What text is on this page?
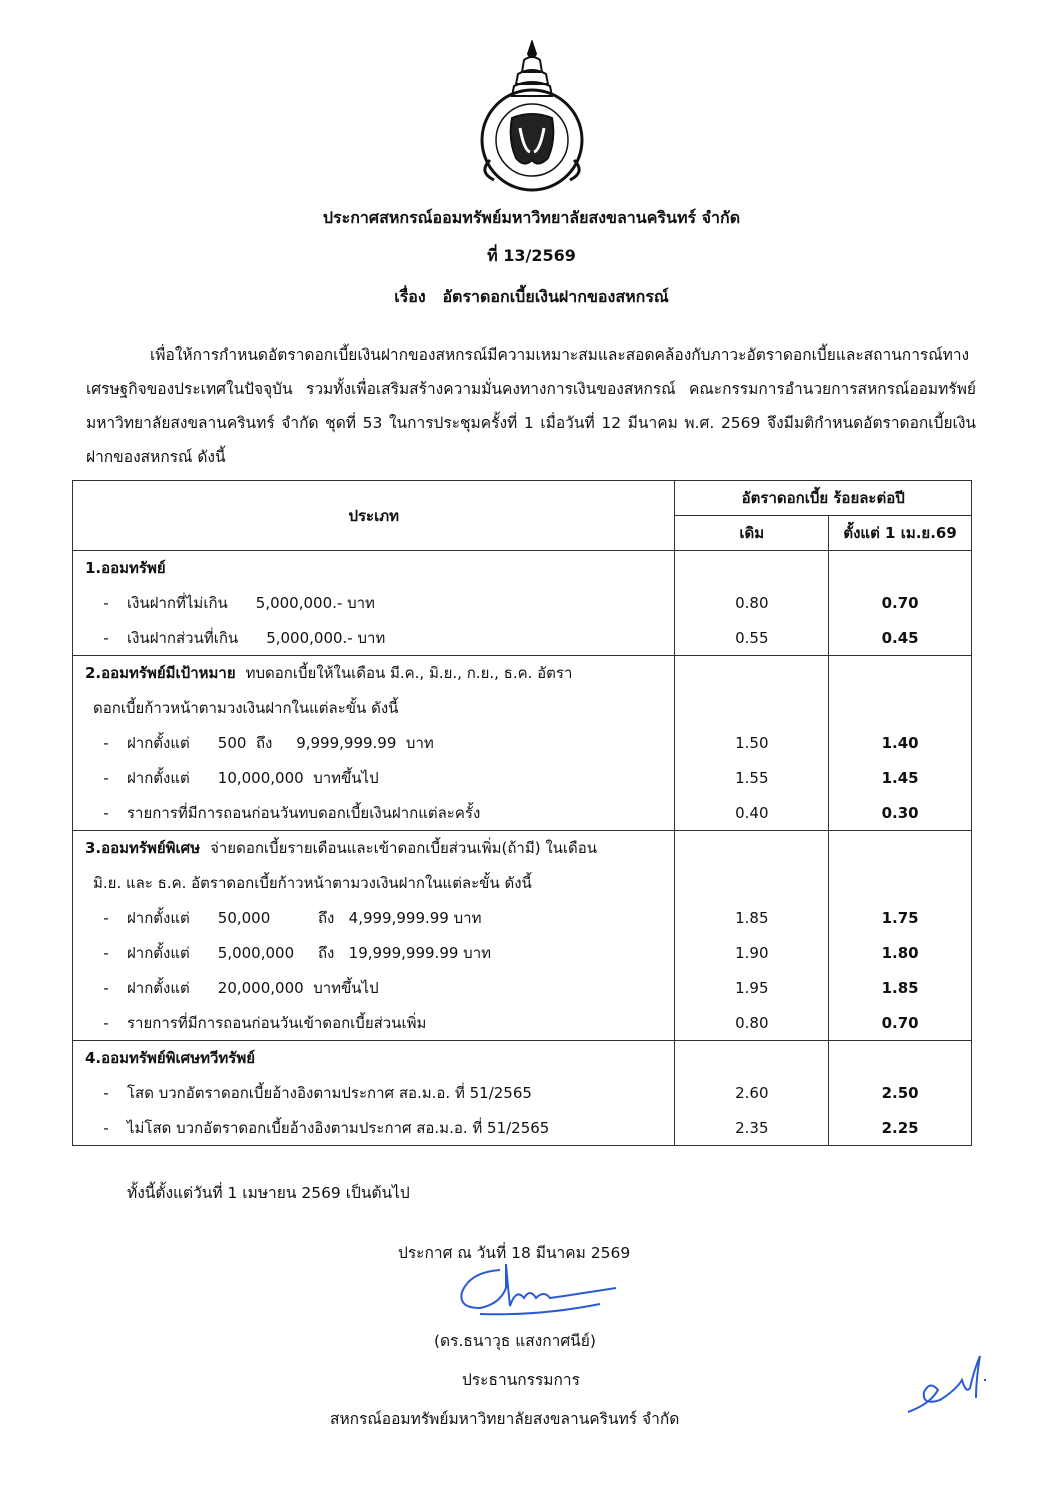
ประกาศสหกรณ์ออมทรัพย์มหาวิทยาลัยสงขลานครินทร์ จำกัด
ที่ 13/2569
เรื่อง อัตราดอกเบี้ยเงินฝากของสหกรณ์

เพื่อให้การกำหนดอัตราดอกเบี้ยเงินฝากของสหกรณ์มีความเหมาะสมและสอดคล้องกับภาวะอัตราดอกเบี้ยและสถานการณ์ทางเศรษฐกิจของประเทศในปัจจุบัน รวมทั้งเพื่อเสริมสร้างความมั่นคงทางการเงินของสหกรณ์ คณะกรรมการอำนวยการสหกรณ์ออมทรัพย์มหาวิทยาลัยสงขลานครินทร์ จำกัด ชุดที่ 53 ในการประชุมครั้งที่ 1 เมื่อวันที่ 12 มีนาคม พ.ศ. 2569 จึงมีมติกำหนดอัตราดอกเบี้ยเงินฝากของสหกรณ์ ดังนี้

ประเภท	อัตราดอกเบี้ย ร้อยละต่อปี	
	เดิม	ตั้งแต่ 1 เม.ย.69
1.ออมทรัพย์		
- เงินฝากที่ไม่เกิน 5,000,000.- บาท	0.80	0.70
- เงินฝากส่วนที่เกิน 5,000,000.- บาท	0.55	0.45
2.ออมทรัพย์มีเป้าหมาย ทบดอกเบี้ยให้ในเดือน มี.ค., มิ.ย., ก.ย., ธ.ค. อัตรา		
ดอกเบี้ยก้าวหน้าตามวงเงินฝากในแต่ละขั้น ดังนี้		
- ฝากตั้งแต่ 500  ถึง     9,999,999.99  บาท	1.50	1.40
- ฝากตั้งแต่ 10,000,000  บาทขึ้นไป	1.55	1.45
- รายการที่มีการถอนก่อนวันทบดอกเบี้ยเงินฝากแต่ละครั้ง	0.40	0.30
3.ออมทรัพย์พิเศษ จ่ายดอกเบี้ยรายเดือนและเข้าดอกเบี้ยส่วนเพิ่ม(ถ้ามี) ในเดือน		
มิ.ย. และ ธ.ค. อัตราดอกเบี้ยก้าวหน้าตามวงเงินฝากในแต่ละขั้น ดังนี้		
- ฝากตั้งแต่ 50,000          ถึง   4,999,999.99 บาท	1.85	1.75
- ฝากตั้งแต่ 5,000,000     ถึง   19,999,999.99 บาท	1.90	1.80
- ฝากตั้งแต่ 20,000,000  บาทขึ้นไป	1.95	1.85
- รายการที่มีการถอนก่อนวันเข้าดอกเบี้ยส่วนเพิ่ม	0.80	0.70
4.ออมทรัพย์พิเศษทวีทรัพย์		
- โสด บวกอัตราดอกเบี้ยอ้างอิงตามประกาศ สอ.ม.อ. ที่ 51/2565	2.60	2.50
- ไม่โสด บวกอัตราดอกเบี้ยอ้างอิงตามประกาศ สอ.ม.อ. ที่ 51/2565	2.35	2.25
ทั้งนี้ตั้งแต่วันที่ 1 เมษายน 2569 เป็นต้นไป
ประกาศ ณ วันที่ 18 มีนาคม 2569
(ดร.ธนาวุธ แสงกาศนีย์)
ประธานกรรมการ
สหกรณ์ออมทรัพย์มหาวิทยาลัยสงขลานครินทร์ จำกัด
